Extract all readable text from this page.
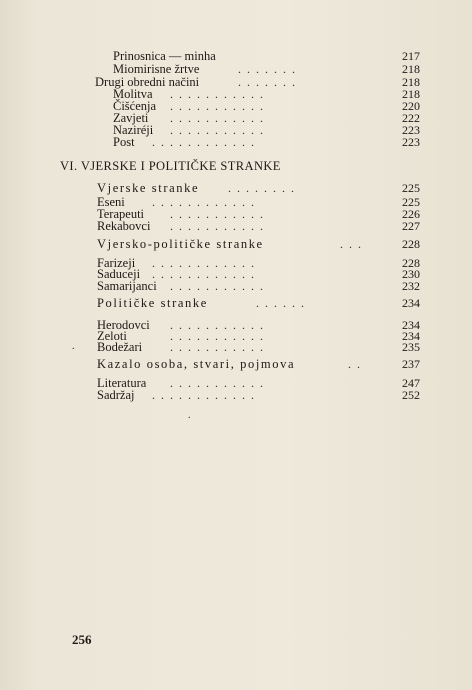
Prinosnica — minha	217
Miomirisne žrtve	.......	218
Drugi obredni načini	.......	218
Molitva ...........	218
Čišćenja ...........	220
Zavjeti ...........	222
Naziréji ...........	223
Post ............	223
VI. VJERSKE I POLITIČKE STRANKE
Vjerske stranke ........	225
Eseni ............	225
Terapeuti ...........	226
Rekabovci ...........	227
Vjersko-političke stranke	...	228
Farizeji ............	228
Saduceji ............	230
Samarijanci ...........	232
Političke stranke	......	234
Herodovci ...........	234
Zeloti	...........	234
. Bodežari ...........	235
Kazalo osoba, stvari, pojmova	..	237
Literatura ...........	247
Sadržaj ............	252
.
256
